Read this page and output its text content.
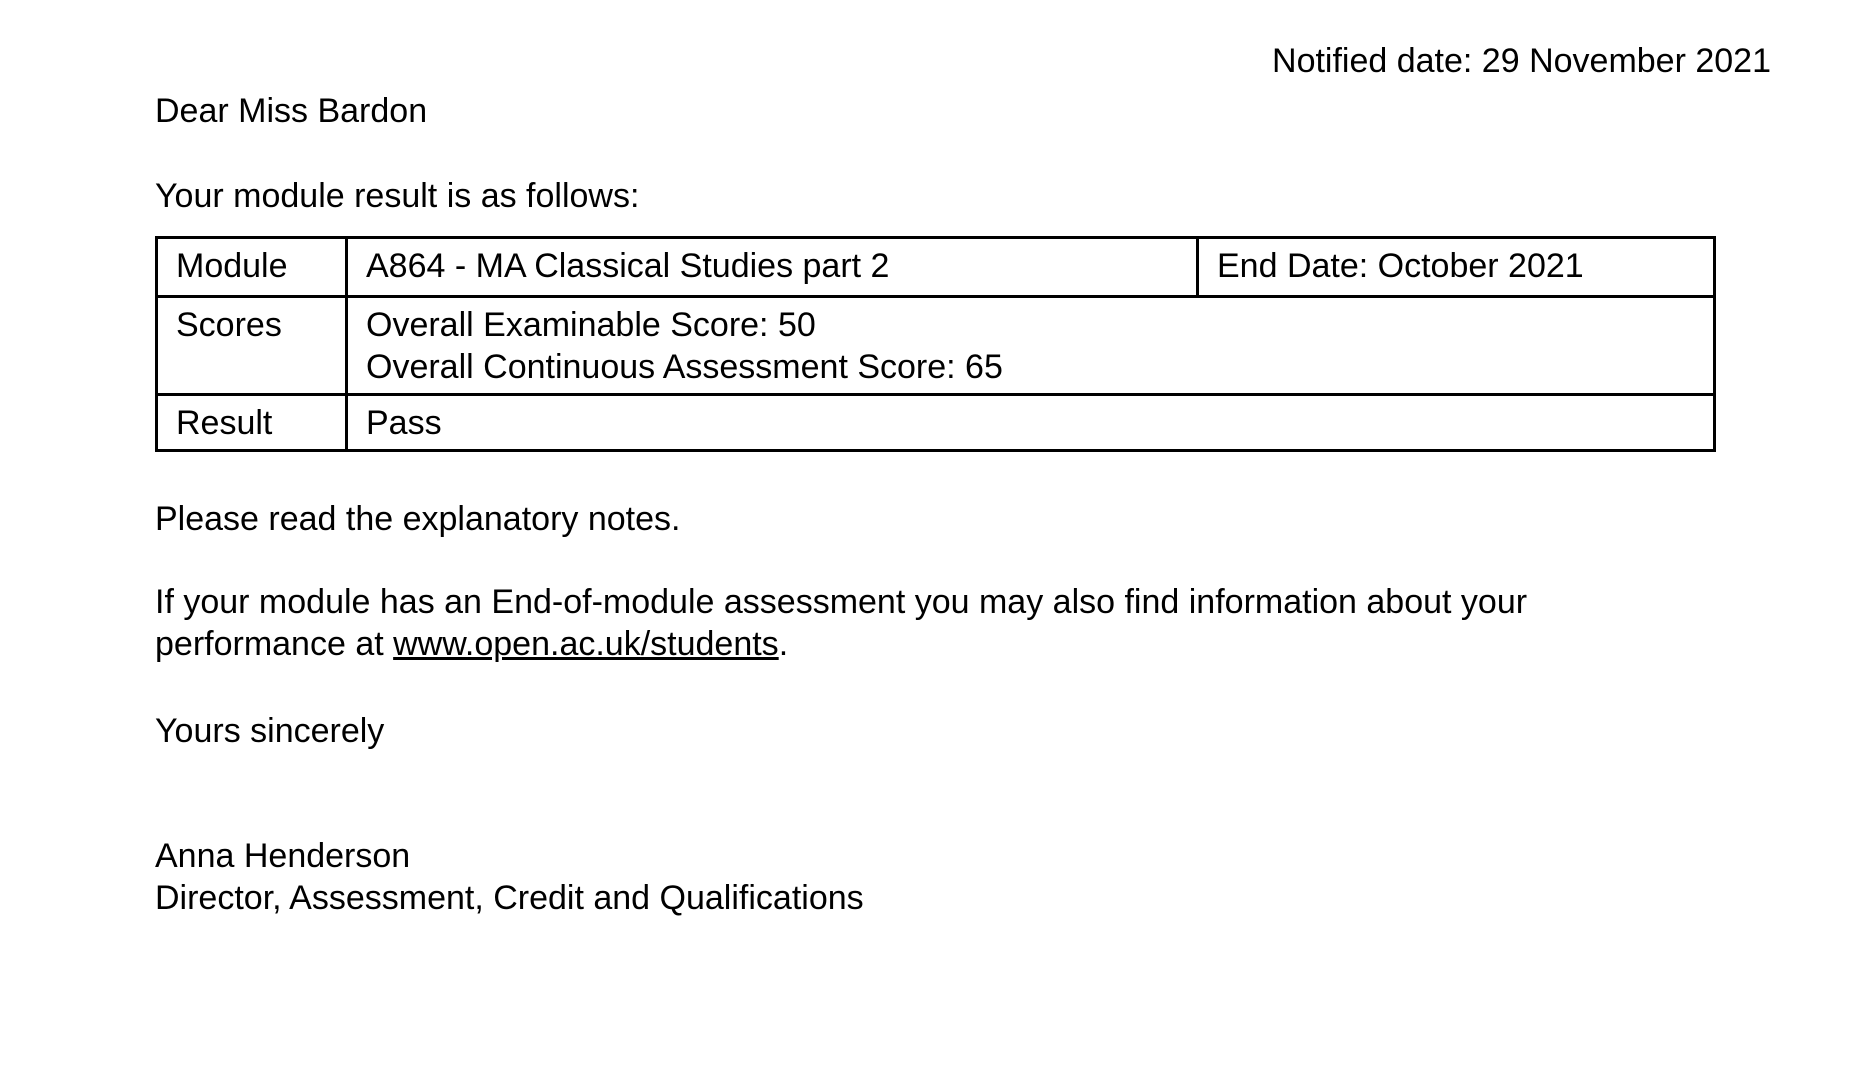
Notified date: 29 November 2021
Dear Miss Bardon
Your module result is as follows:
Module	A864 - MA Classical Studies part 2	End Date: October 2021
Scores	Overall Examinable Score: 50
Overall Continuous Assessment Score: 65
Result	Pass
Please read the explanatory notes.
If your module has an End-of-module assessment you may also find information about your
performance at www.open.ac.uk/students.
Yours sincerely
Anna Henderson
Director, Assessment, Credit and Qualifications
